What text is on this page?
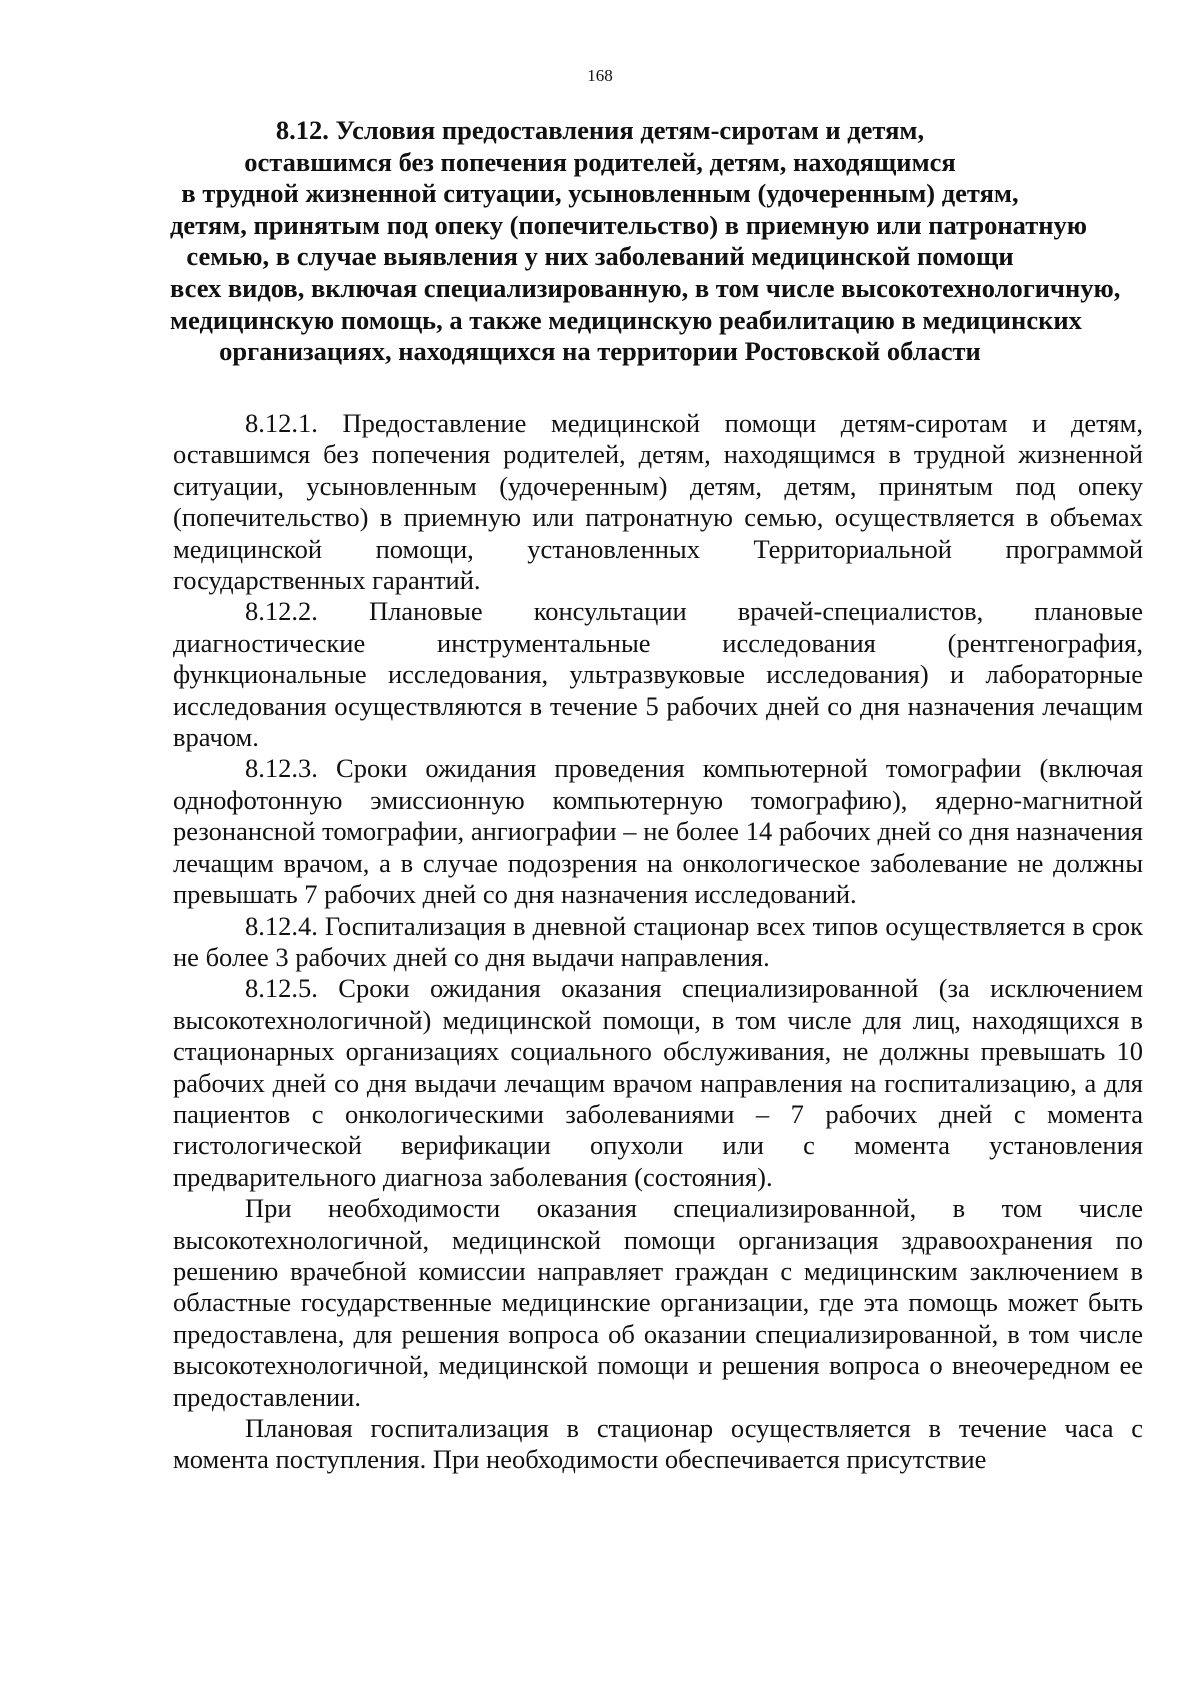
168
8.12. Условия предоставления детям-сиротам и детям,
оставшимся без попечения родителей, детям, находящимся
в трудной жизненной ситуации, усыновленным (удочеренным) детям,
детям, принятым под опеку (попечительство) в приемную или патронатную
семью, в случае выявления у них заболеваний медицинской помощи
всех видов, включая специализированную, в том числе высокотехнологичную,
медицинскую помощь, а также медицинскую реабилитацию в медицинских
организациях, находящихся на территории Ростовской области

8.12.1. Предоставление медицинской помощи детям-сиротам и детям, оставшимся без попечения родителей, детям, находящимся в трудной жизненной ситуации, усыновленным (удочеренным) детям, детям, принятым под опеку (попечительство) в приемную или патронатную семью, осуществляется в объемах медицинской помощи, установленных Территориальной программой государственных гарантий.

8.12.2. Плановые консультации врачей-специалистов, плановые диагностические инструментальные исследования (рентгенография, функциональные исследования, ультразвуковые исследования) и лабораторные исследования осуществляются в течение 5 рабочих дней со дня назначения лечащим врачом.

8.12.3. Сроки ожидания проведения компьютерной томографии (включая однофотонную эмиссионную компьютерную томографию), ядерно-магнитной резонансной томографии, ангиографии – не более 14 рабочих дней со дня назначения лечащим врачом, а в случае подозрения на онкологическое заболевание не должны превышать 7 рабочих дней со дня назначения исследований.

8.12.4. Госпитализация в дневной стационар всех типов осуществляется в срок не более 3 рабочих дней со дня выдачи направления.

8.12.5. Сроки ожидания оказания специализированной (за исключением высокотехнологичной) медицинской помощи, в том числе для лиц, находящихся в стационарных организациях социального обслуживания, не должны превышать 10 рабочих дней со дня выдачи лечащим врачом направления на госпитализацию, а для пациентов с онкологическими заболеваниями – 7 рабочих дней с момента гистологической верификации опухоли или с момента установления предварительного диагноза заболевания (состояния).

При необходимости оказания специализированной, в том числе высокотехнологичной, медицинской помощи организация здравоохранения по решению врачебной комиссии направляет граждан с медицинским заключением в областные государственные медицинские организации, где эта помощь может быть предоставлена, для решения вопроса об оказании специализированной, в том числе высокотехнологичной, медицинской помощи и решения вопроса о внеочередном ее предоставлении.

Плановая госпитализация в стационар осуществляется в течение часа с момента поступления. При необходимости обеспечивается присутствие
